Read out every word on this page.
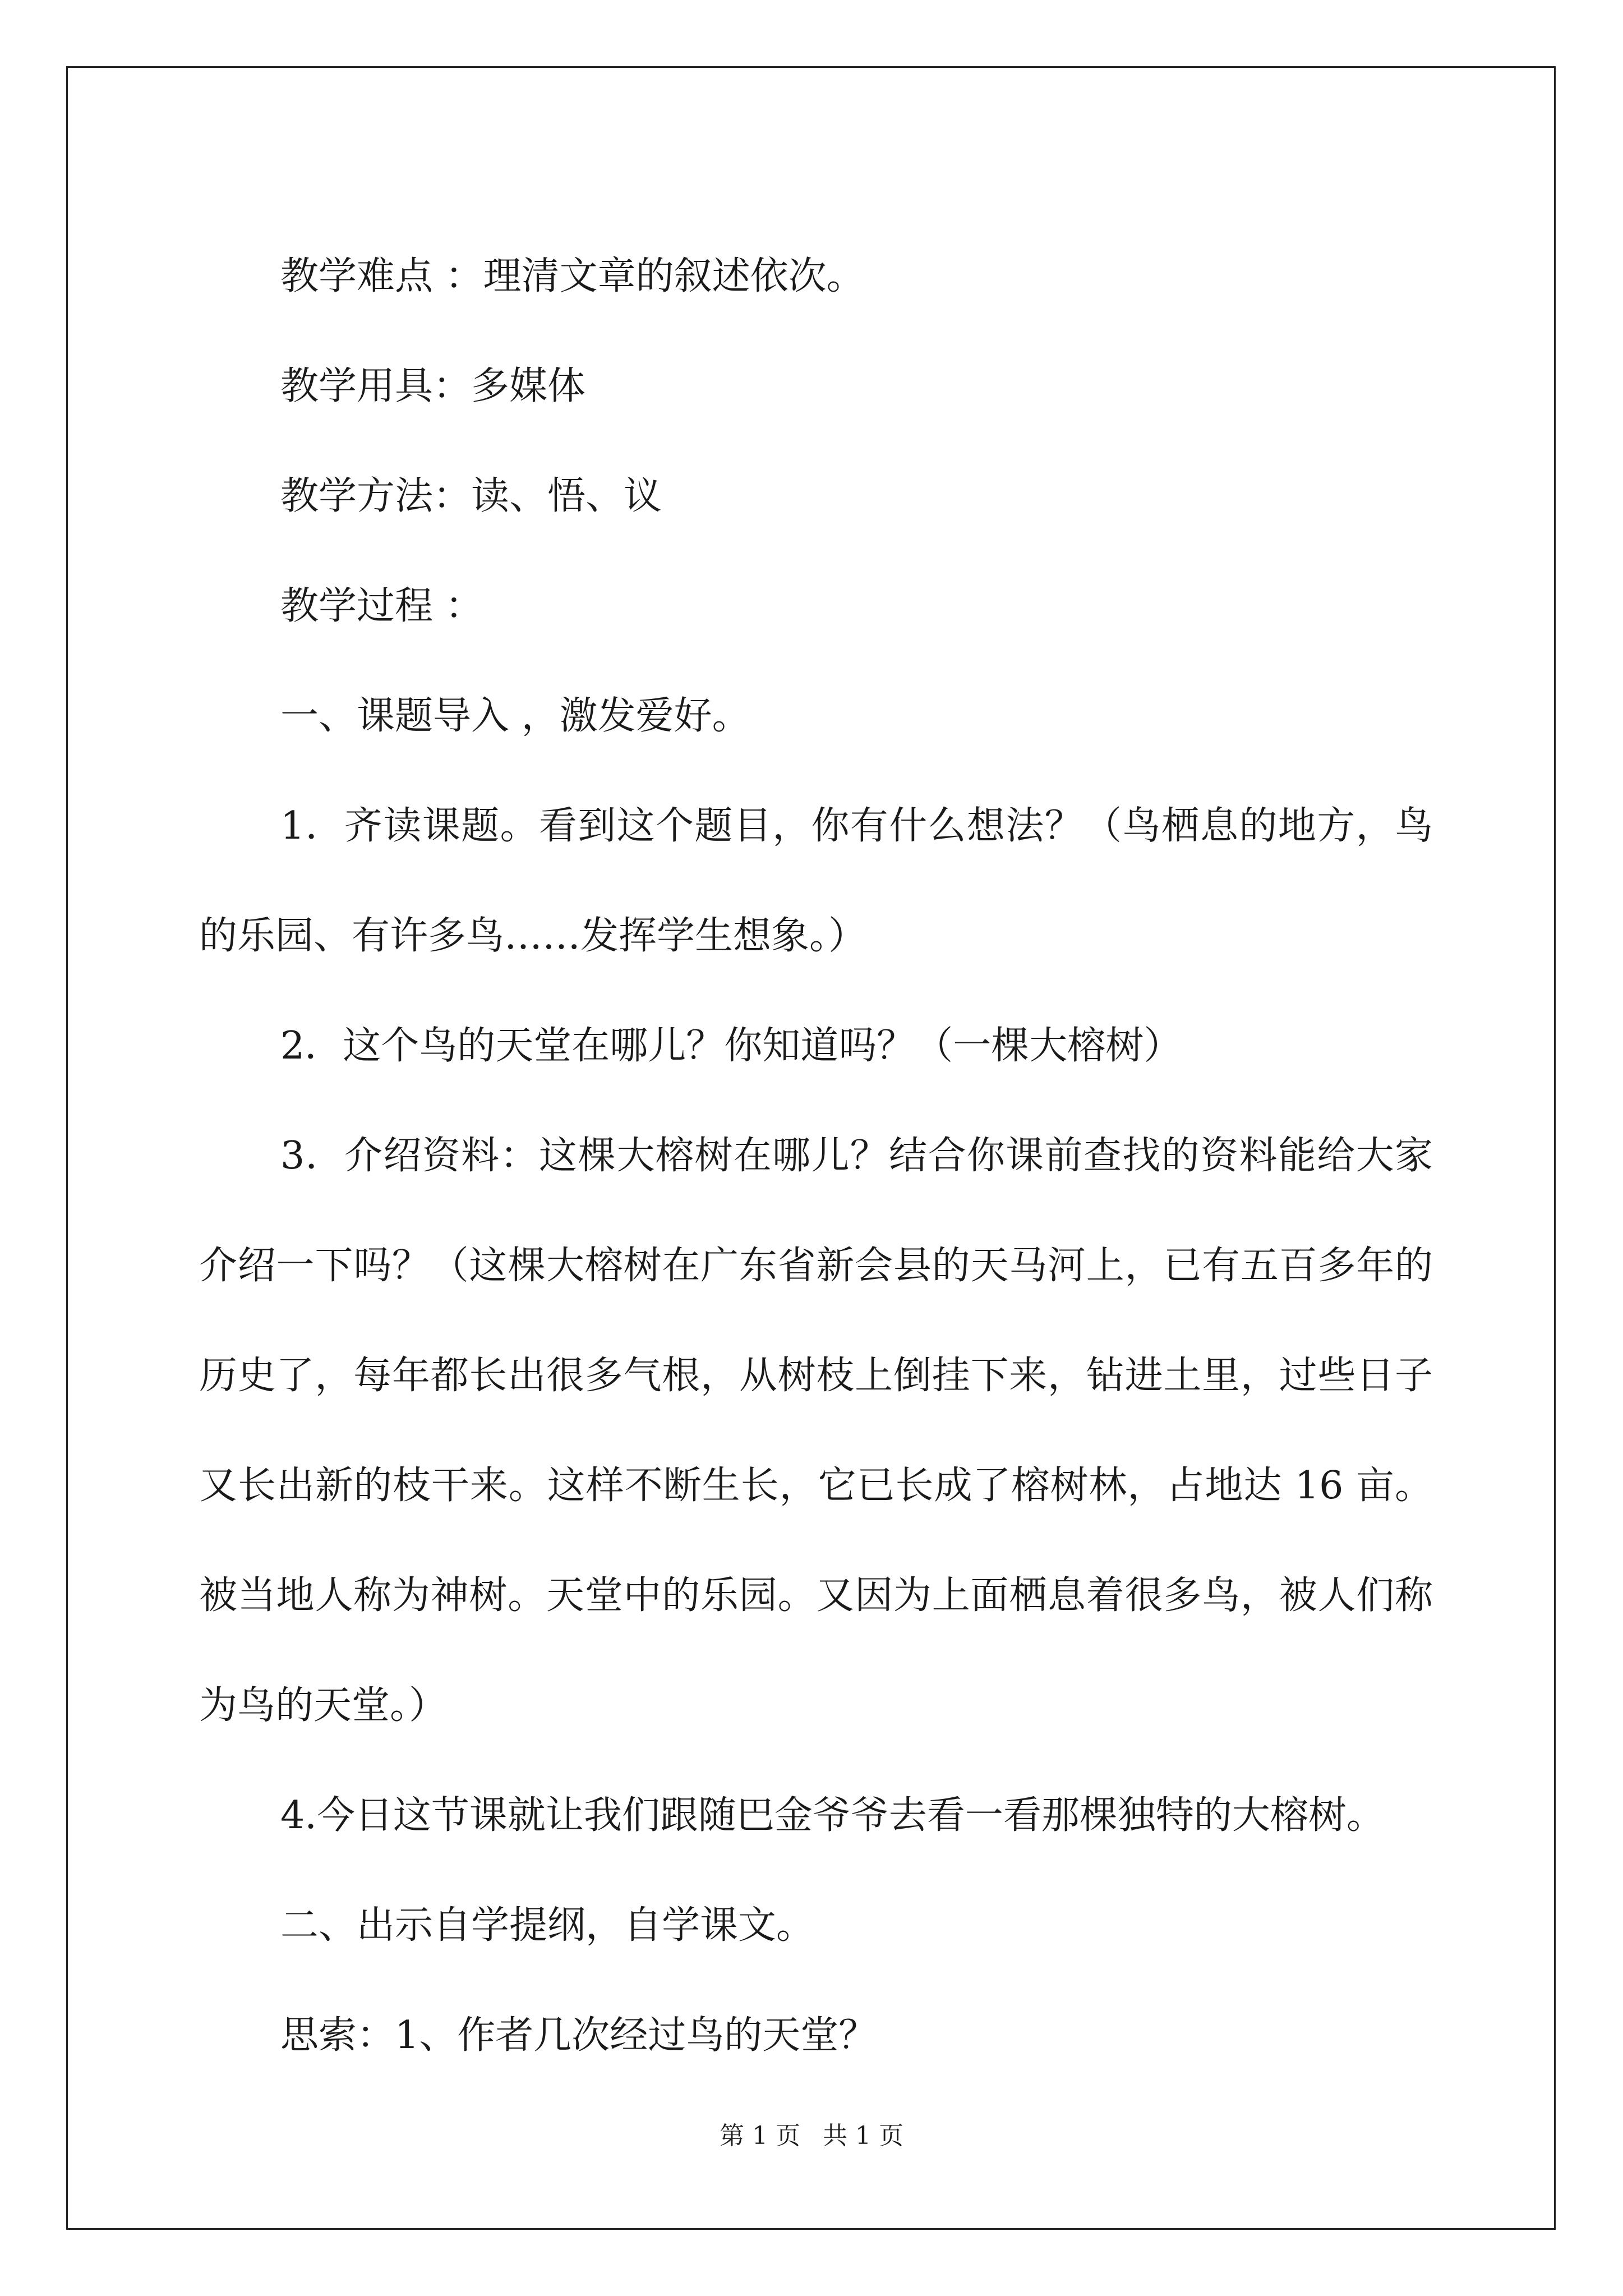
教学难点 ：理清文章的叙述依次。

教学用具：多媒体

教学方法：读、悟、议

教学过程 ：

一、课题导入 ，激发爱好。

1．齐读课题。看到这个题目，你有什么想法？（鸟栖息的地方，鸟的乐园、有许多鸟……发挥学生想象。）

2．这个鸟的天堂在哪儿？你知道吗？（一棵大榕树）

3．介绍资料：这棵大榕树在哪儿？结合你课前查找的资料能给大家介绍一下吗？（这棵大榕树在广东省新会县的天马河上，已有五百多年的历史了，每年都长出很多气根，从树枝上倒挂下来，钻进土里，过些日子又长出新的枝干来。这样不断生长，它已长成了榕树林，占地达 16 亩。被当地人称为神树。天堂中的乐园。又因为上面栖息着很多鸟，被人们称为鸟的天堂。）

4.今日这节课就让我们跟随巴金爷爷去看一看那棵独特的大榕树。

二、出示自学提纲，自学课文。

思索：1、作者几次经过鸟的天堂？

第 1 页 共 1 页
